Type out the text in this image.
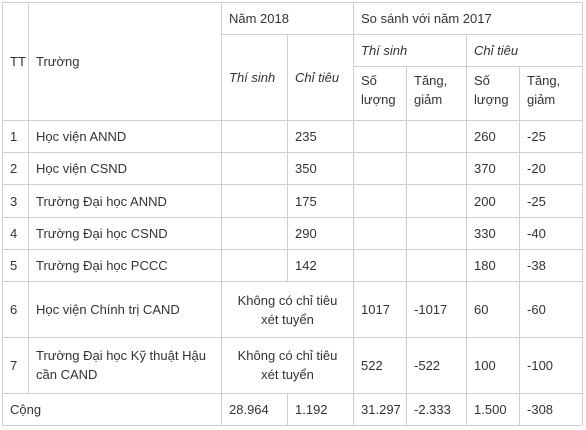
TT	Trường	Năm 2018		So sánh với năm 2017			
		Thí sinh	Chỉ tiêu	Thí sinh		Chỉ tiêu	
				Số lượng	Tăng, giảm	Số lượng	Tăng, giảm
1	Học viện ANND		235			260	-25
2	Học viện CSND		350			370	-20
3	Trường Đại học ANND		175			200	-25
4	Trường Đại học CSND		290			330	-40
5	Trường Đại học PCCC		142			180	-38
6	Học viện Chính trị CAND	Không có chỉ tiêu xét tuyển		1017	-1017	60	-60
7	Trường Đại học Kỹ thuật Hậu cần CAND	Không có chỉ tiêu xét tuyển		522	-522	100	-100
Cộng		28.964	1.192	31.297	-2.333	1.500	-308
